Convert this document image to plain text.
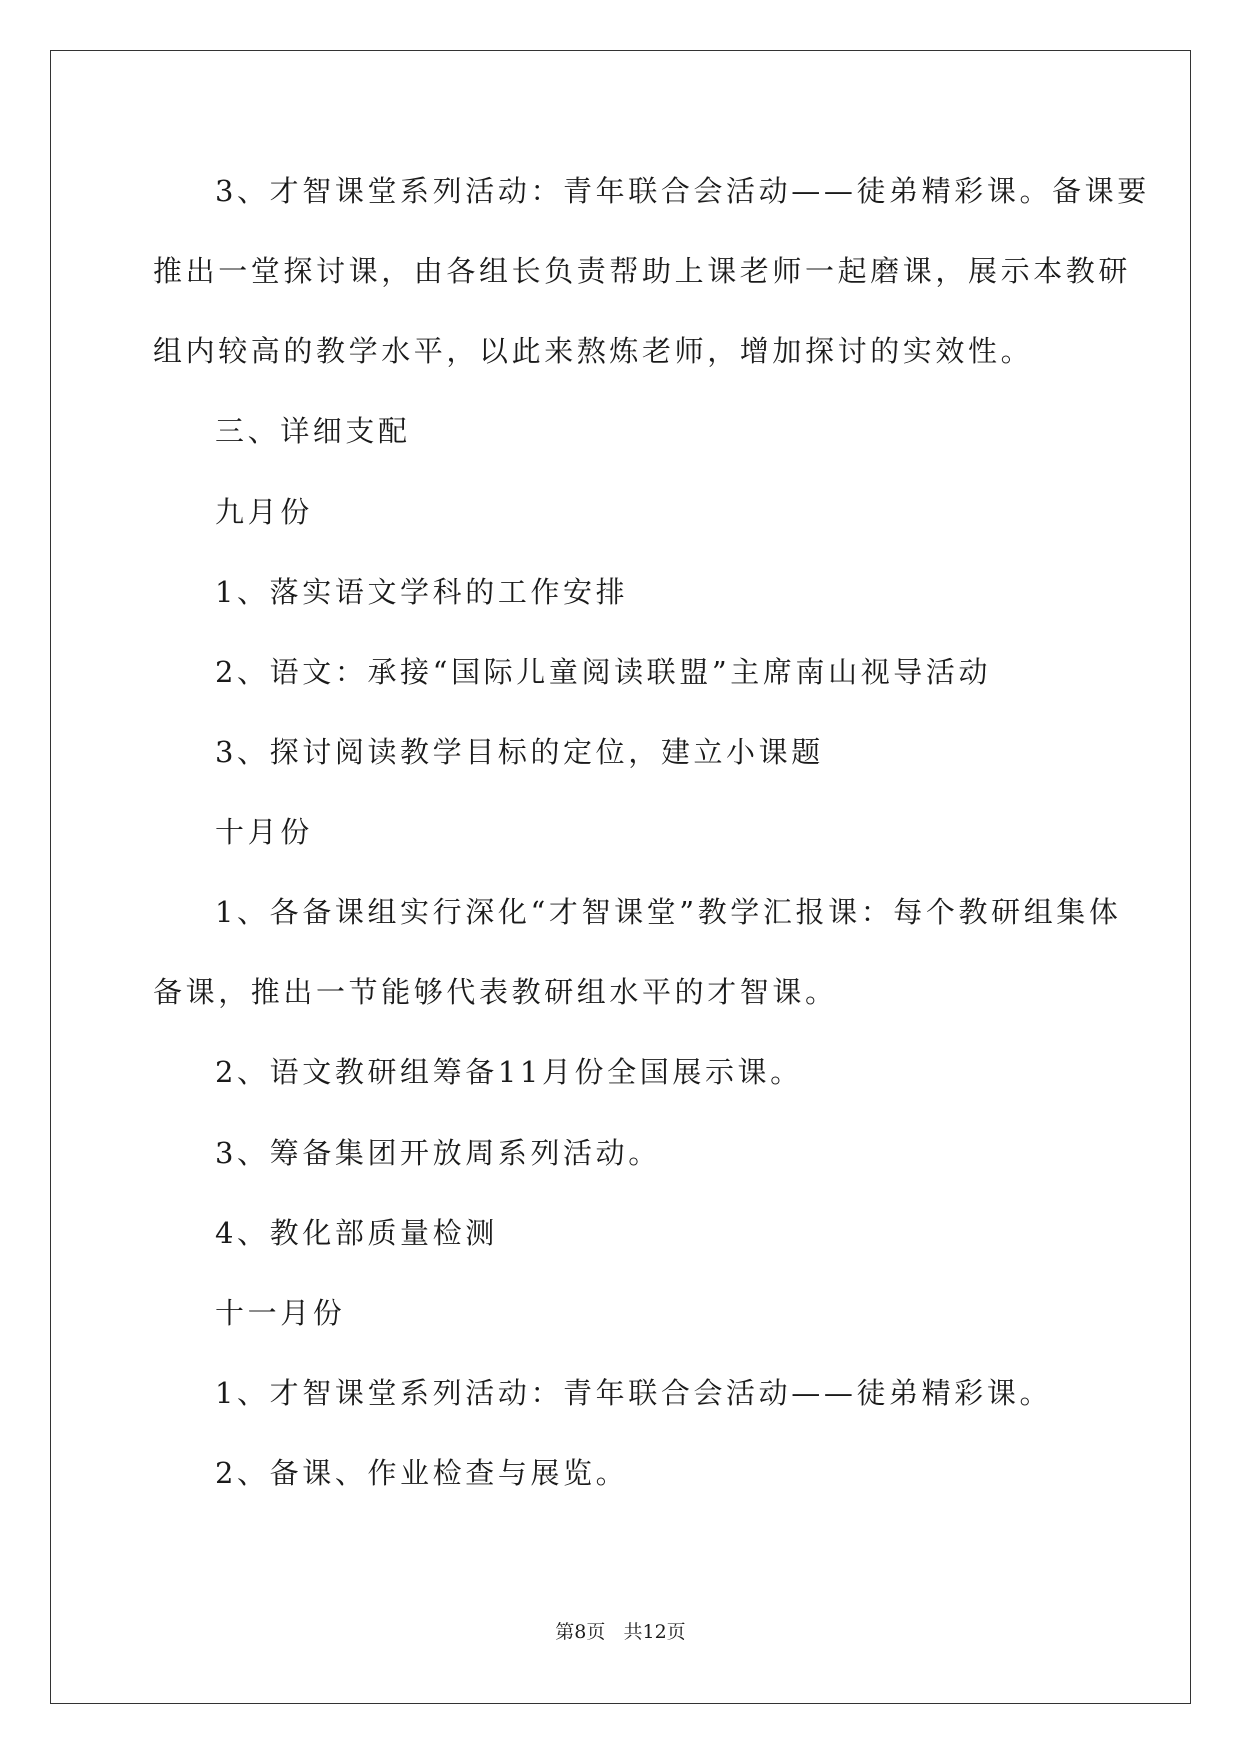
3、才智课堂系列活动：青年联合会活动——徒弟精彩课。备课要
推出一堂探讨课，由各组长负责帮助上课老师一起磨课，展示本教研
组内较高的教学水平，以此来熬炼老师，增加探讨的实效性。
三、详细支配
九月份
1、落实语文学科的工作安排
2、语文：承接“国际儿童阅读联盟”主席南山视导活动
3、探讨阅读教学目标的定位，建立小课题
十月份
1、各备课组实行深化“才智课堂”教学汇报课：每个教研组集体
备课，推出一节能够代表教研组水平的才智课。
2、语文教研组筹备11月份全国展示课。
3、筹备集团开放周系列活动。
4、教化部质量检测
十一月份
1、才智课堂系列活动：青年联合会活动——徒弟精彩课。
2、备课、作业检查与展览。
第8页   共12页
